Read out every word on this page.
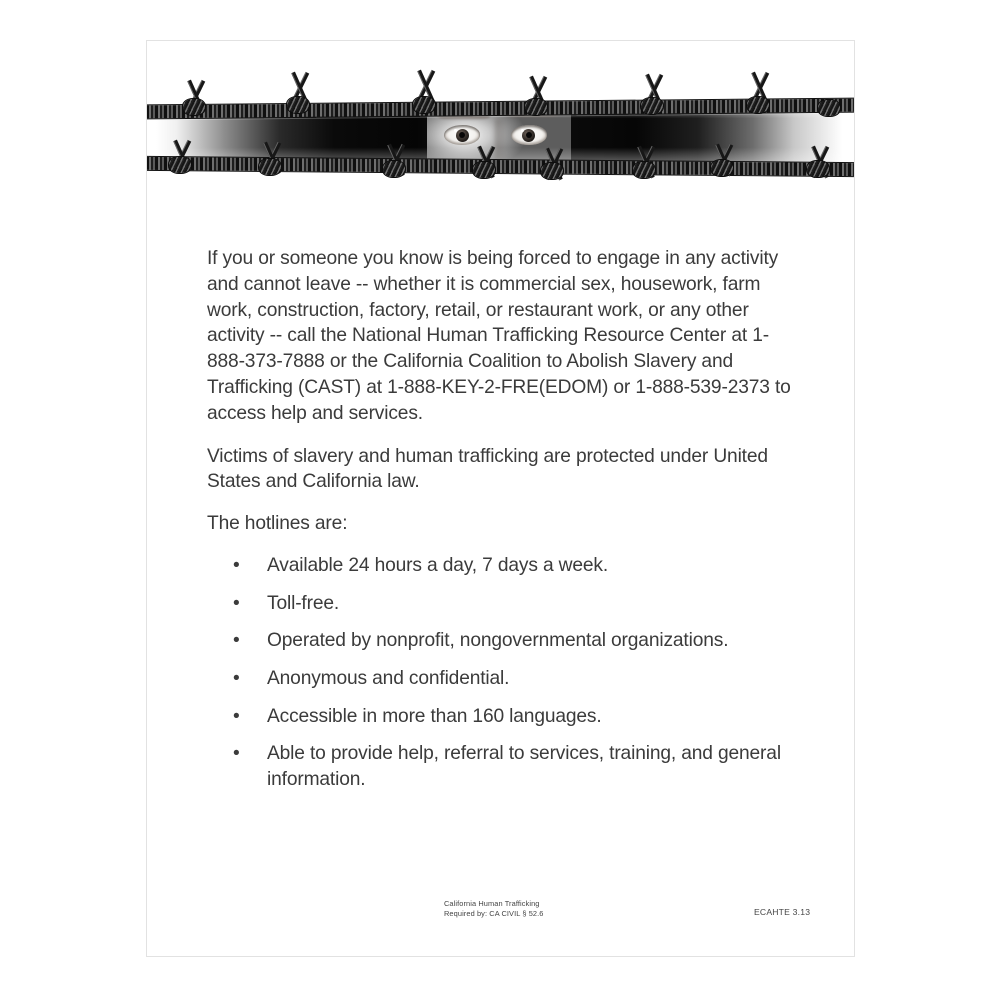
If you or someone you know is being forced to engage in any activity and cannot leave -- whether it is commercial sex, housework, farm work, construction, factory, retail, or restaurant work, or any other activity -- call the National Human Trafficking Resource Center at 1-888-373-7888 or the California Coalition to Abolish Slavery and Trafficking (CAST) at 1-888-KEY-2-FRE(EDOM) or 1-888-539-2373 to access help and services.

Victims of slavery and human trafficking are protected under United States and California law.

The hotlines are:

• Available 24 hours a day, 7 days a week.
• Toll-free.
• Operated by nonprofit, nongovernmental organizations.
• Anonymous and confidential.
• Accessible in more than 160 languages.
• Able to provide help, referral to services, training, and general information.
California Human Trafficking
Required by: CA CIVIL § 52.6	ECAHTE 3.13
